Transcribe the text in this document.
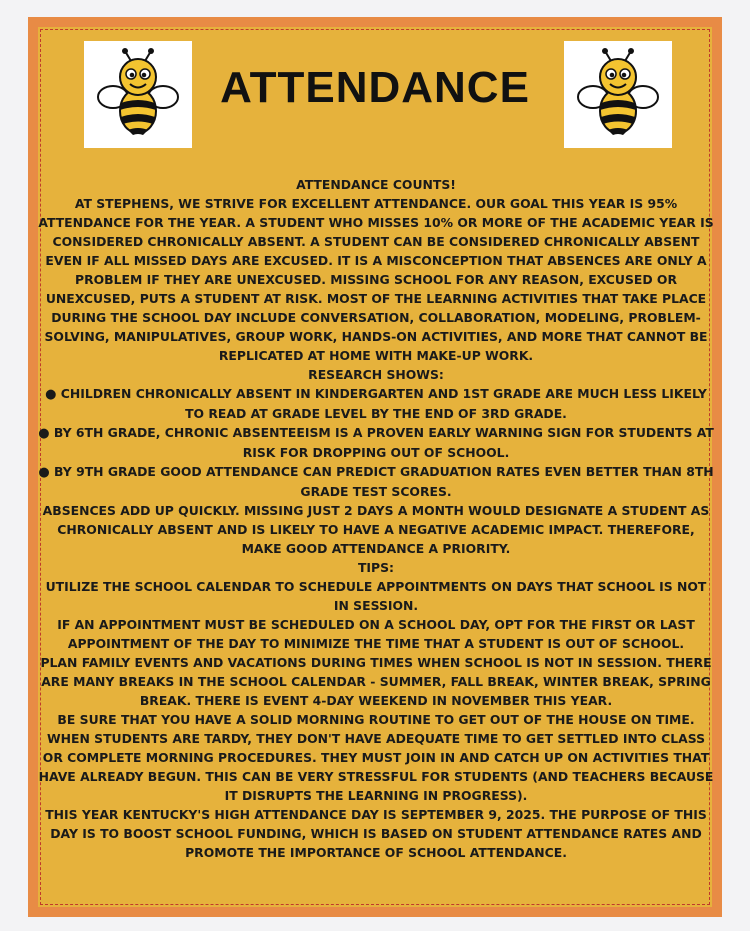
ATTENDANCE

ATTENDANCE COUNTS!

AT STEPHENS, WE STRIVE FOR EXCELLENT ATTENDANCE. OUR GOAL THIS YEAR IS 95% ATTENDANCE FOR THE YEAR. A STUDENT WHO MISSES 10% OR MORE OF THE ACADEMIC YEAR IS CONSIDERED CHRONICALLY ABSENT. A STUDENT CAN BE CONSIDERED CHRONICALLY ABSENT EVEN IF ALL MISSED DAYS ARE EXCUSED. IT IS A MISCONCEPTION THAT ABSENCES ARE ONLY A PROBLEM IF THEY ARE UNEXCUSED. MISSING SCHOOL FOR ANY REASON, EXCUSED OR UNEXCUSED, PUTS A STUDENT AT RISK. MOST OF THE LEARNING ACTIVITIES THAT TAKE PLACE DURING THE SCHOOL DAY INCLUDE CONVERSATION, COLLABORATION, MODELING, PROBLEM-SOLVING, MANIPULATIVES, GROUP WORK, HANDS-ON ACTIVITIES, AND MORE THAT CANNOT BE REPLICATED AT HOME WITH MAKE-UP WORK.

RESEARCH SHOWS:

● CHILDREN CHRONICALLY ABSENT IN KINDERGARTEN AND 1ST GRADE ARE MUCH LESS LIKELY TO READ AT GRADE LEVEL BY THE END OF 3RD GRADE.

● BY 6TH GRADE, CHRONIC ABSENTEEISM IS A PROVEN EARLY WARNING SIGN FOR STUDENTS AT RISK FOR DROPPING OUT OF SCHOOL.

● BY 9TH GRADE GOOD ATTENDANCE CAN PREDICT GRADUATION RATES EVEN BETTER THAN 8TH GRADE TEST SCORES.

ABSENCES ADD UP QUICKLY. MISSING JUST 2 DAYS A MONTH WOULD DESIGNATE A STUDENT AS CHRONICALLY ABSENT AND IS LIKELY TO HAVE A NEGATIVE ACADEMIC IMPACT. THEREFORE, MAKE GOOD ATTENDANCE A PRIORITY.

TIPS:

UTILIZE THE SCHOOL CALENDAR TO SCHEDULE APPOINTMENTS ON DAYS THAT SCHOOL IS NOT IN SESSION.

IF AN APPOINTMENT MUST BE SCHEDULED ON A SCHOOL DAY, OPT FOR THE FIRST OR LAST APPOINTMENT OF THE DAY TO MINIMIZE THE TIME THAT A STUDENT IS OUT OF SCHOOL.

PLAN FAMILY EVENTS AND VACATIONS DURING TIMES WHEN SCHOOL IS NOT IN SESSION. THERE ARE MANY BREAKS IN THE SCHOOL CALENDAR - SUMMER, FALL BREAK, WINTER BREAK, SPRING BREAK. THERE IS EVENT 4-DAY WEEKEND IN NOVEMBER THIS YEAR.

BE SURE THAT YOU HAVE A SOLID MORNING ROUTINE TO GET OUT OF THE HOUSE ON TIME. WHEN STUDENTS ARE TARDY, THEY DON'T HAVE ADEQUATE TIME TO GET SETTLED INTO CLASS OR COMPLETE MORNING PROCEDURES. THEY MUST JOIN IN AND CATCH UP ON ACTIVITIES THAT HAVE ALREADY BEGUN. THIS CAN BE VERY STRESSFUL FOR STUDENTS (AND TEACHERS BECAUSE IT DISRUPTS THE LEARNING IN PROGRESS).

THIS YEAR KENTUCKY'S HIGH ATTENDANCE DAY IS SEPTEMBER 9, 2025. THE PURPOSE OF THIS DAY IS TO BOOST SCHOOL FUNDING, WHICH IS BASED ON STUDENT ATTENDANCE RATES AND PROMOTE THE IMPORTANCE OF SCHOOL ATTENDANCE.
